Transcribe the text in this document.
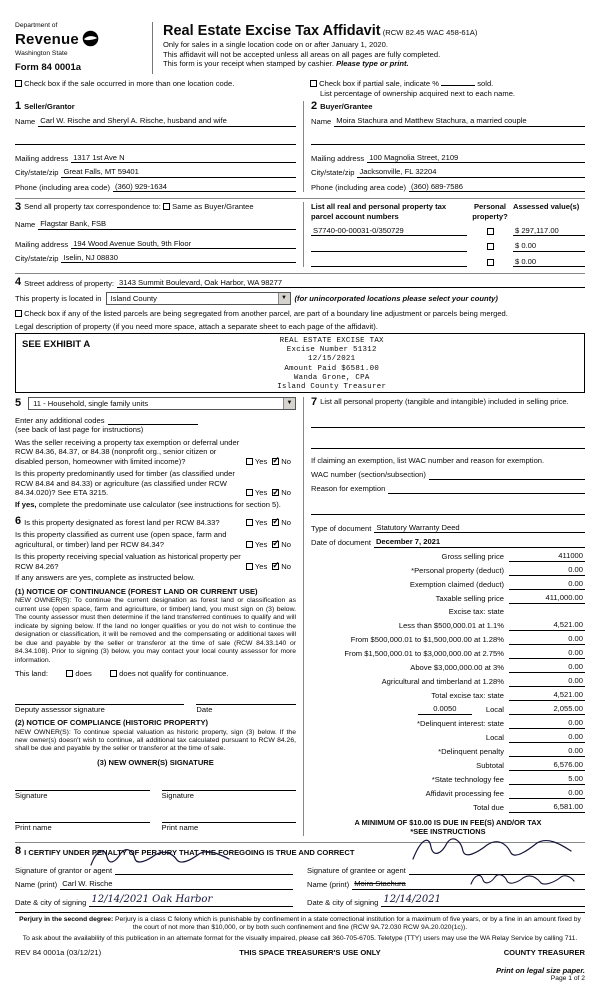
Department of
Revenue
Washington State
Form 84 0001a
Real Estate Excise Tax Affidavit (RCW 82.45 WAC 458-61A)
Only for sales in a single location code on or after January 1, 2020.
This affidavit will not be accepted unless all areas on all pages are fully completed.
This form is your receipt when stamped by cashier. Please type or print.
Check box if the sale occurred in more than one location code.	Check box if partial sale, indicate %	sold.
List percentage of ownership acquired next to each name.
1 Seller/Grantor
Name Carl W. Rische and Sheryl A. Rische, husband and wife
Mailing address 1317 1st Ave N
City/state/zip Great Falls, MT 59401
Phone (including area code) (360) 929-1634
2 Buyer/Grantee
Name Moira Stachura and Matthew Stachura, a married couple
Mailing address 100 Magnolia Street, 2109
City/state/zip Jacksonville, FL 32204
Phone (including area code) (360) 689-7586
3 Send all property tax correspondence to: Same as Buyer/Grantee
Name Flagstar Bank, FSB
Mailing address 194 Wood Avenue South, 9th Floor
City/state/zip Iselin, NJ 08830
List all real and personal property tax parcel account numbers
Personal property?
Assessed value(s)
S7740-00-00031-0/350729	$ 297,117.00
$ 0.00
$ 0.00
4 Street address of property: 3143 Summit Boulevard, Oak Harbor, WA 98277
This property is located in	Island County	▼ (for unincorporated locations please select your county)
Check box if any of the listed parcels are being segregated from another parcel, are part of a boundary line adjustment or parcels being merged.
Legal description of property (if you need more space, attach a separate sheet to each page of the affidavit).
SEE EXHIBIT A	REAL ESTATE EXCISE TAX
Excise Number 51312
12/15/2021
Amount Paid $6581.00
Wanda Grone, CPA
Island County Treasurer
5	11 - Household, single family units	▼
Enter any additional codes
(see back of last page for instructions)
Was the seller receiving a property tax exemption or deferral under RCW 84.36, 84.37, or 84.38 (nonprofit org., senior citizen or disabled person, homeowner with limited income)?	Yes ✓ No
Is this property predominantly used for timber (as classified under RCW 84.84 and 84.33) or agriculture (as classified under RCW 84.34.020)? See ETA 3215.	Yes ✓ No
If yes, complete the predominate use calculator (see instructions for section 5).
6 Is this property designated as forest land per RCW 84.33?	Yes ✓ No
Is this property classified as current use (open space, farm and agricultural, or timber) land per RCW 84.34?	Yes ✓ No
Is this property receiving special valuation as historical property per RCW 84.26?	Yes ✓ No
If any answers are yes, complete as instructed below.
(1) NOTICE OF CONTINUANCE (FOREST LAND OR CURRENT USE)
NEW OWNER(S): To continue the current designation as forest land or classification as current use (open space, farm and agriculture, or timber) land, you must sign on (3) below. The county assessor must then determine if the land transferred continues to qualify and will indicate by signing below. If the land no longer qualifies or you do not wish to continue the designation or classification, it will be removed and the compensating or additional taxes will be due and payable by the seller or transferor at the time of sale (RCW 84.33.140 or 84.34.108). Prior to signing (3) below, you may contact your local county assessor for more information.
This land:	does	does not qualify for continuance.
Deputy assessor signature	Date
(2) NOTICE OF COMPLIANCE (HISTORIC PROPERTY)
NEW OWNER(S): To continue special valuation as historic property, sign (3) below. If the new owner(s) doesn't wish to continue, all additional tax calculated pursuant to RCW 84.26, shall be due and payable by the seller or transferor at the time of sale.
(3) NEW OWNER(S) SIGNATURE
Signature	Signature
Print name	Print name
7 List all personal property (tangible and intangible) included in selling price.
If claiming an exemption, list WAC number and reason for exemption.
WAC number (section/subsection)
Reason for exemption
Type of document Statutory Warranty Deed
Date of document December 7, 2021
Gross selling price	411000
*Personal property (deduct)	0.00
Exemption claimed (deduct)	0.00
Taxable selling price	411,000.00
Excise tax: state
Less than $500,000.01 at 1.1%	4,521.00
From $500,000.01 to $1,500,000.00 at 1.28%	0.00
From $1,500,000.01 to $3,000,000.00 at 2.75%	0.00
Above $3,000,000.00 at 3%	0.00
Agricultural and timberland at 1.28%	0.00
Total excise tax: state	4,521.00
0.0050	Local	2,055.00
*Delinquent interest: state	0.00
Local	0.00
*Delinquent penalty	0.00
Subtotal	6,576.00
*State technology fee	5.00
Affidavit processing fee	0.00
Total due	6,581.00
A MINIMUM OF $10.00 IS DUE IN FEE(S) AND/OR TAX
*SEE INSTRUCTIONS
8 I CERTIFY UNDER PENALTY OF PERJURY THAT THE FOREGOING IS TRUE AND CORRECT
Signature of grantor or agent
Name (print) Carl W. Rische
Date & city of signing 12/14/2021 Oak Harbor
Signature of grantee or agent
Name (print) Moira Stachura
Date & city of signing 12/14/2021
Perjury in the second degree: Perjury is a class C felony which is punishable by confinement in a state correctional institution for a maximum of five years, or by a fine in an amount fixed by the court of not more than $10,000, or by both such confinement and fine (RCW 9A.72.030 RCW 9A.20.020(1c)).
To ask about the availability of this publication in an alternate format for the visually impaired, please call 360-705-6705. Teletype (TTY) users may use the WA Relay Service by calling 711.
REV 84 0001a (03/12/21)	THIS SPACE TREASURER'S USE ONLY	COUNTY TREASURER
Print on legal size paper.
Page 1 of 2
